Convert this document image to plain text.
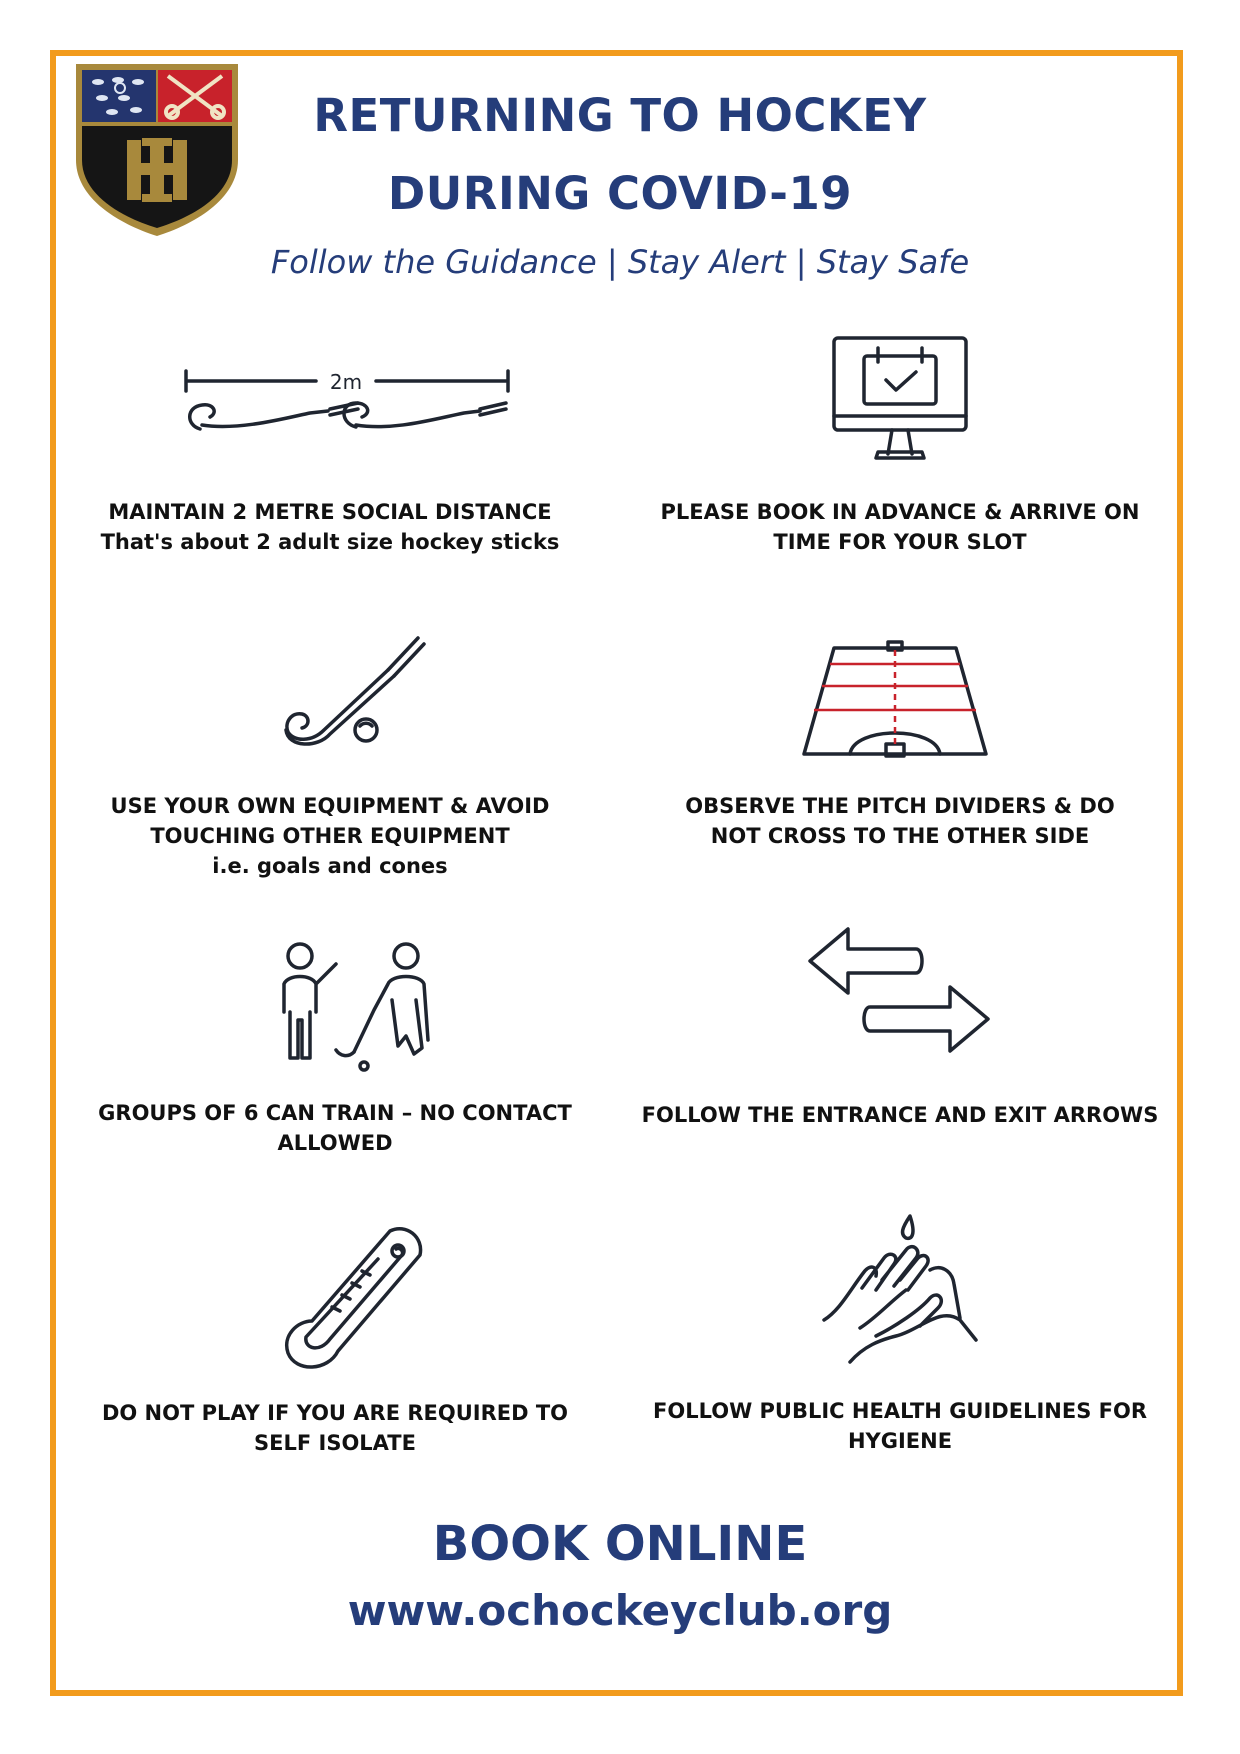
RETURNING TO HOCKEY
DURING COVID-19
Follow the Guidance | Stay Alert | Stay Safe
2m
MAINTAIN 2 METRE SOCIAL DISTANCE
That's about 2 adult size hockey sticks
PLEASE BOOK IN ADVANCE & ARRIVE ON TIME FOR YOUR SLOT
USE YOUR OWN EQUIPMENT & AVOID TOUCHING OTHER EQUIPMENT
i.e. goals and cones
OBSERVE THE PITCH DIVIDERS & DO NOT CROSS TO THE OTHER SIDE
GROUPS OF 6 CAN TRAIN – NO CONTACT ALLOWED
FOLLOW THE ENTRANCE AND EXIT ARROWS
DO NOT PLAY IF YOU ARE REQUIRED TO SELF ISOLATE
FOLLOW PUBLIC HEALTH GUIDELINES FOR HYGIENE
BOOK ONLINE
www.ochockeyclub.org
